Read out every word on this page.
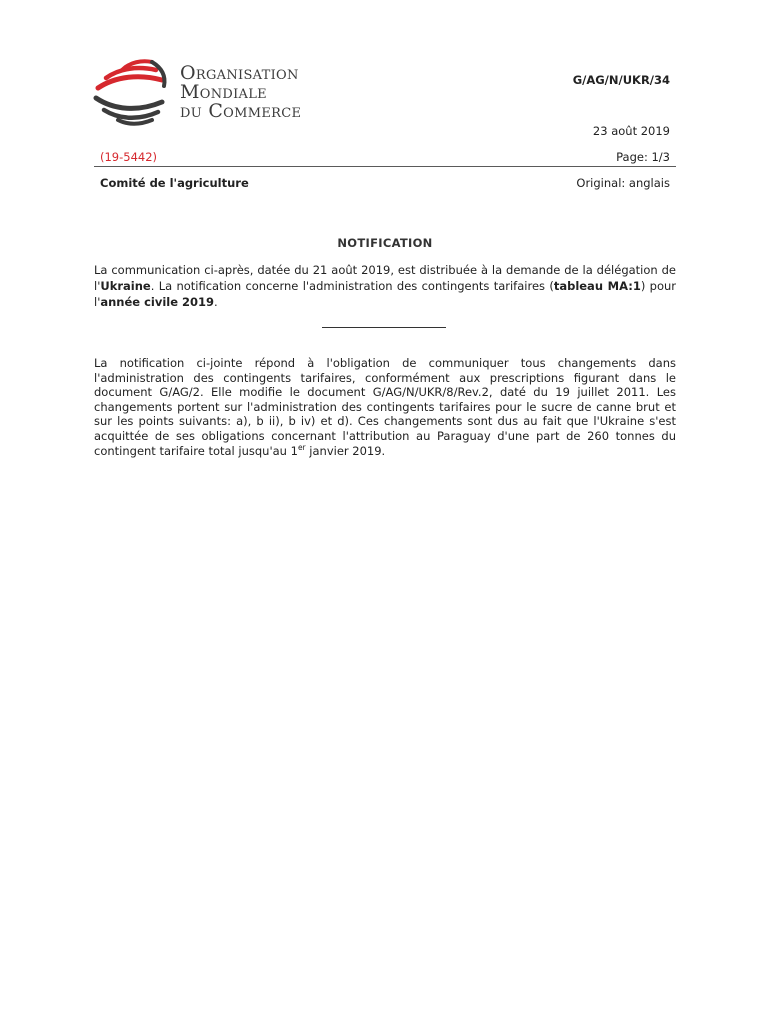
Organisation
Mondiale
du Commerce
G/AG/N/UKR/34
23 août 2019
(19-5442)	Page: 1/3
Comité de l'agriculture	Original: anglais
NOTIFICATION
La communication ci-après, datée du 21 août 2019, est distribuée à la demande de la délégation de l'Ukraine. La notification concerne l'administration des contingents tarifaires (tableau MA:1) pour l'année civile 2019.
La notification ci-jointe répond à l'obligation de communiquer tous changements dans l'administration des contingents tarifaires, conformément aux prescriptions figurant dans le document G/AG/2. Elle modifie le document G/AG/N/UKR/8/Rev.2, daté du 19 juillet 2011. Les changements portent sur l'administration des contingents tarifaires pour le sucre de canne brut et sur les points suivants: a), b ii), b iv) et d). Ces changements sont dus au fait que l'Ukraine s'est acquittée de ses obligations concernant l'attribution au Paraguay d'une part de 260 tonnes du contingent tarifaire total jusqu'au 1er janvier 2019.
